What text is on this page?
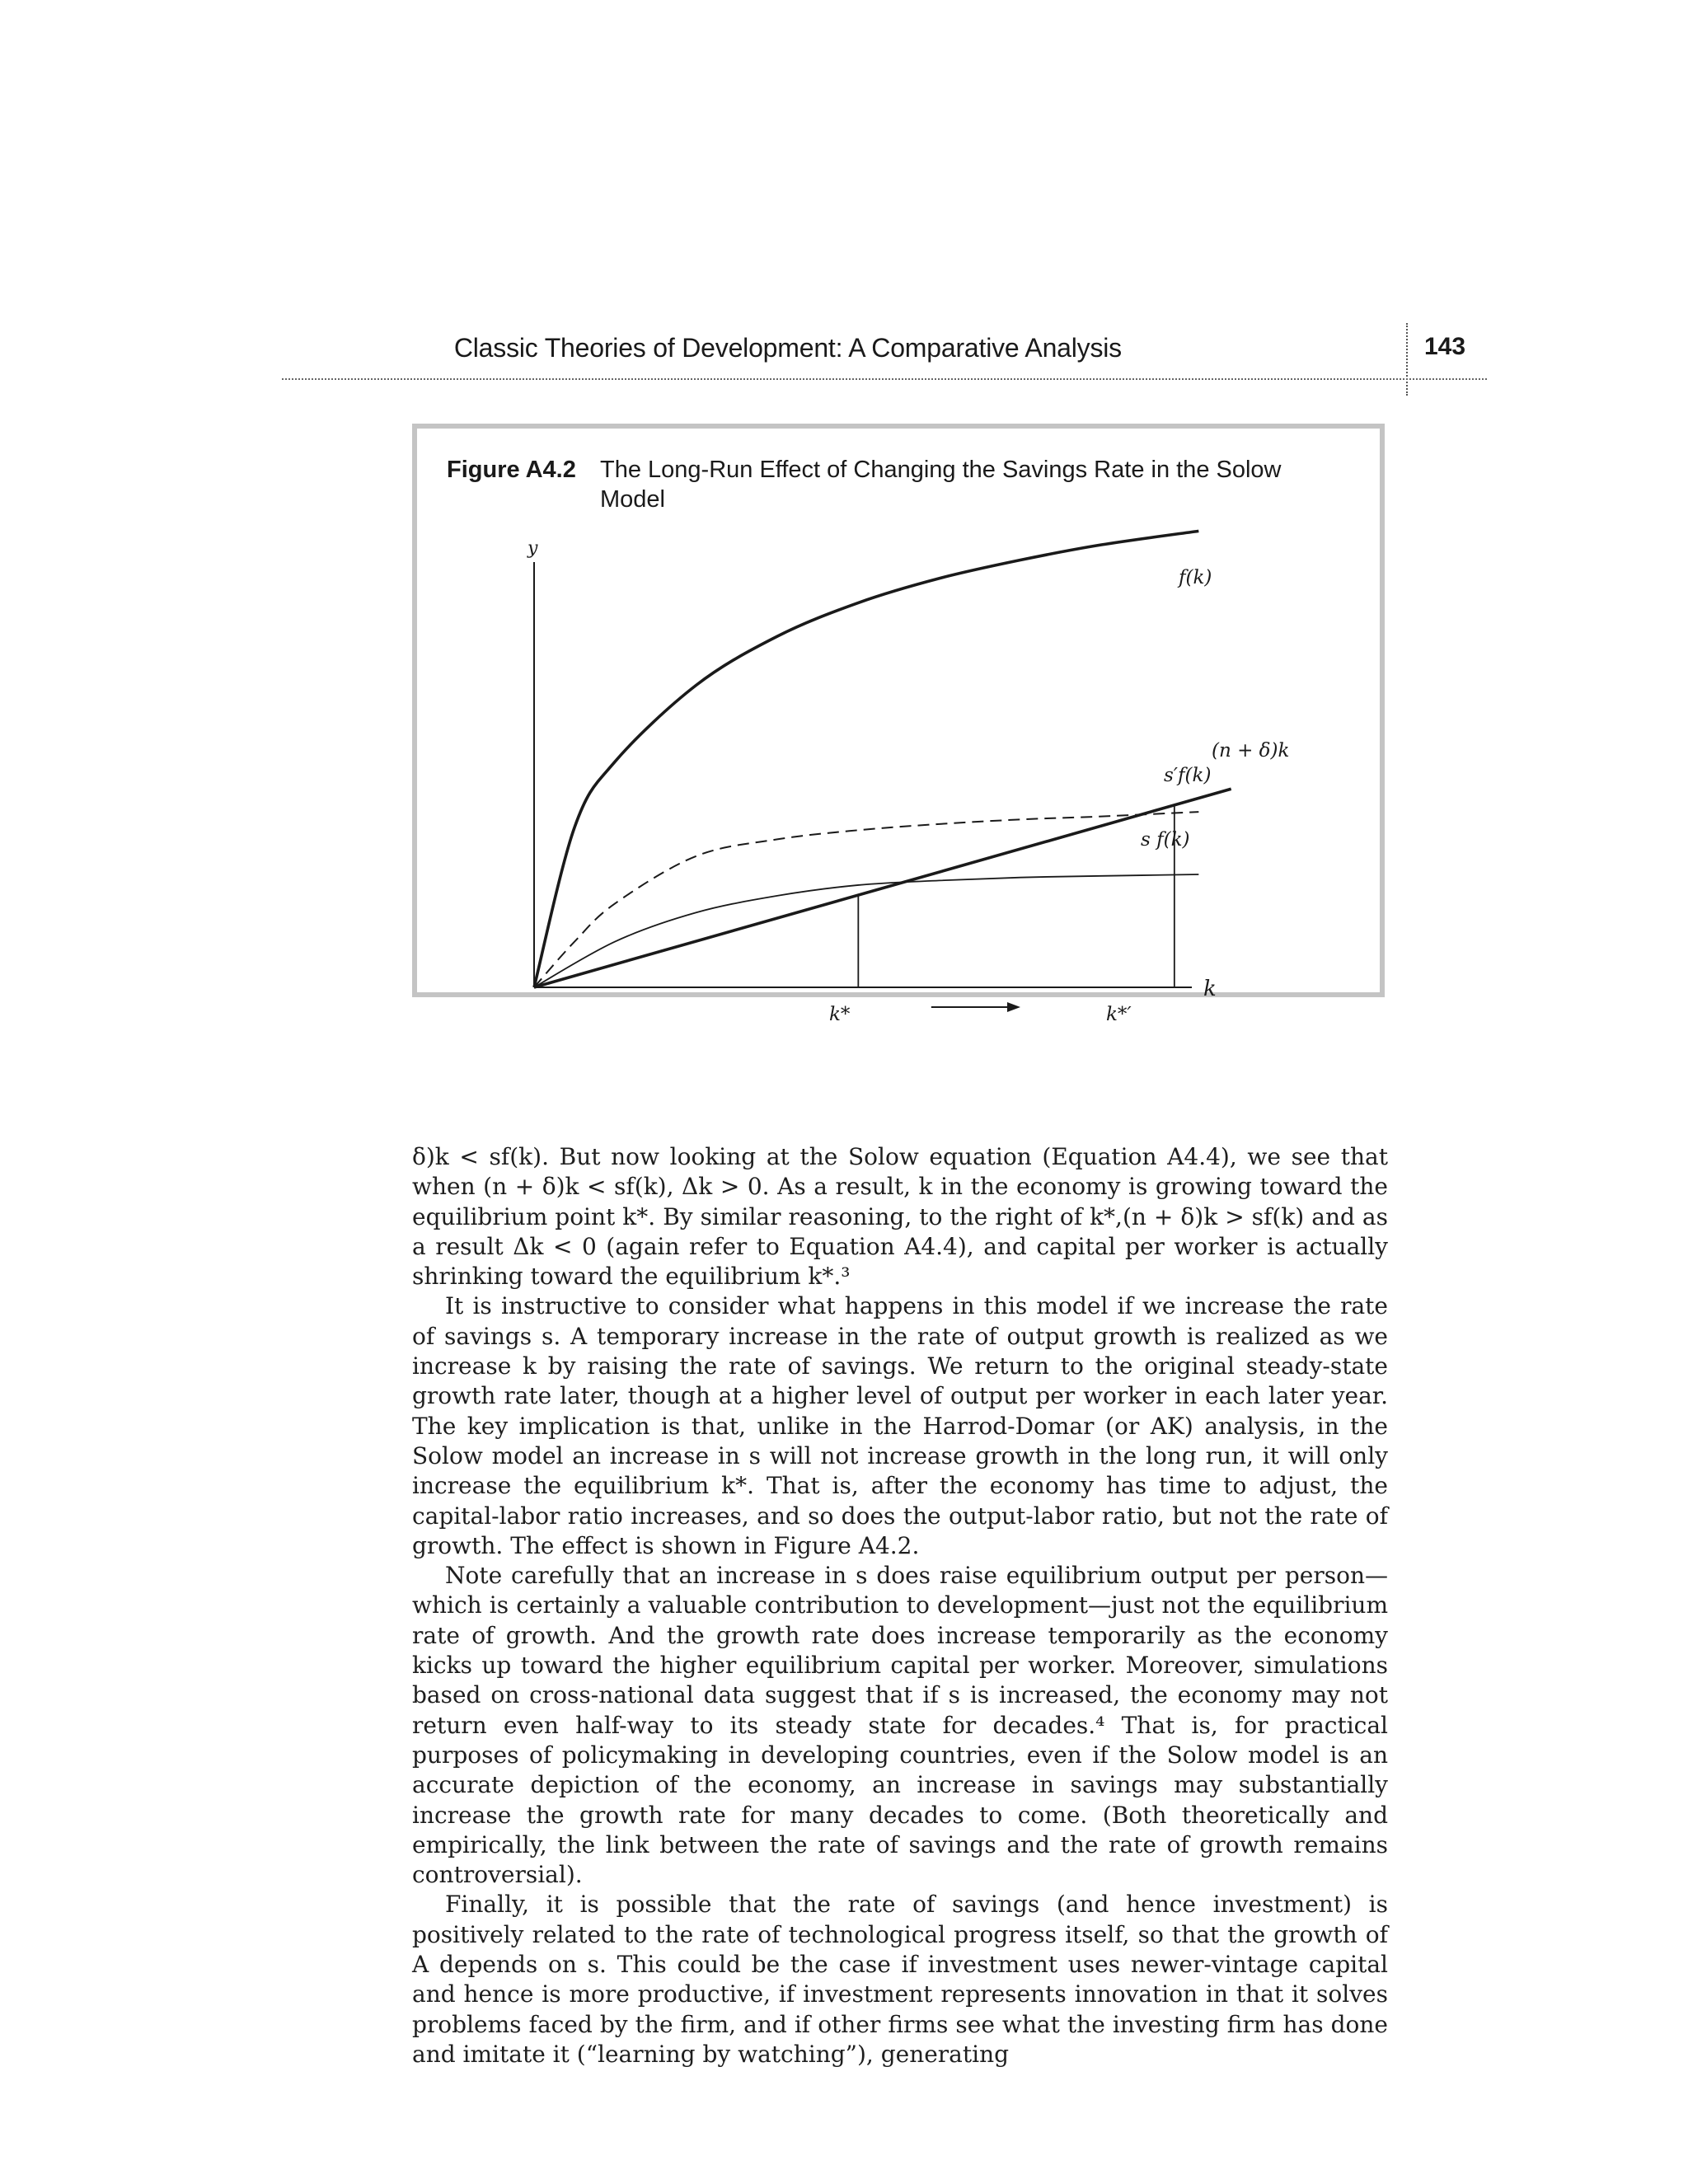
Classic Theories of Development: A Comparative Analysis	143
Figure A4.2 The Long-Run Effect of Changing the Savings Rate in the Solow Model
y
k
f(k)
(n + δ)k
s′f(k)
s f(k)
k*	k*′

δ)k < sf(k). But now looking at the Solow equation (Equation A4.4), we see that when (n + δ)k < sf(k), Δk > 0. As a result, k in the economy is growing toward the equilibrium point k*. By similar reasoning, to the right of k*,(n + δ)k > sf(k) and as a result Δk < 0 (again refer to Equation A4.4), and capital per worker is actually shrinking toward the equilibrium k*.³

It is instructive to consider what happens in this model if we increase the rate of savings s. A temporary increase in the rate of output growth is realized as we increase k by raising the rate of savings. We return to the original steady-state growth rate later, though at a higher level of output per worker in each later year. The key implication is that, unlike in the Harrod-Domar (or AK) analysis, in the Solow model an increase in s will not increase growth in the long run, it will only increase the equilibrium k*. That is, after the economy has time to adjust, the capital-labor ratio increases, and so does the output-labor ratio, but not the rate of growth. The effect is shown in Figure A4.2.

Note carefully that an increase in s does raise equilibrium output per person—which is certainly a valuable contribution to development—just not the equilibrium rate of growth. And the growth rate does increase temporarily as the economy kicks up toward the higher equilibrium capital per worker. Moreover, simulations based on cross-national data suggest that if s is increased, the economy may not return even half-way to its steady state for decades.⁴ That is, for practical purposes of policymaking in developing countries, even if the Solow model is an accurate depiction of the economy, an increase in savings may substantially increase the growth rate for many decades to come. (Both theoretically and empirically, the link between the rate of savings and the rate of growth remains controversial).

Finally, it is possible that the rate of savings (and hence investment) is positively related to the rate of technological progress itself, so that the growth of A depends on s. This could be the case if investment uses newer-vintage capital and hence is more productive, if investment represents innovation in that it solves problems faced by the firm, and if other firms see what the investing firm has done and imitate it (“learning by watching”), generating
